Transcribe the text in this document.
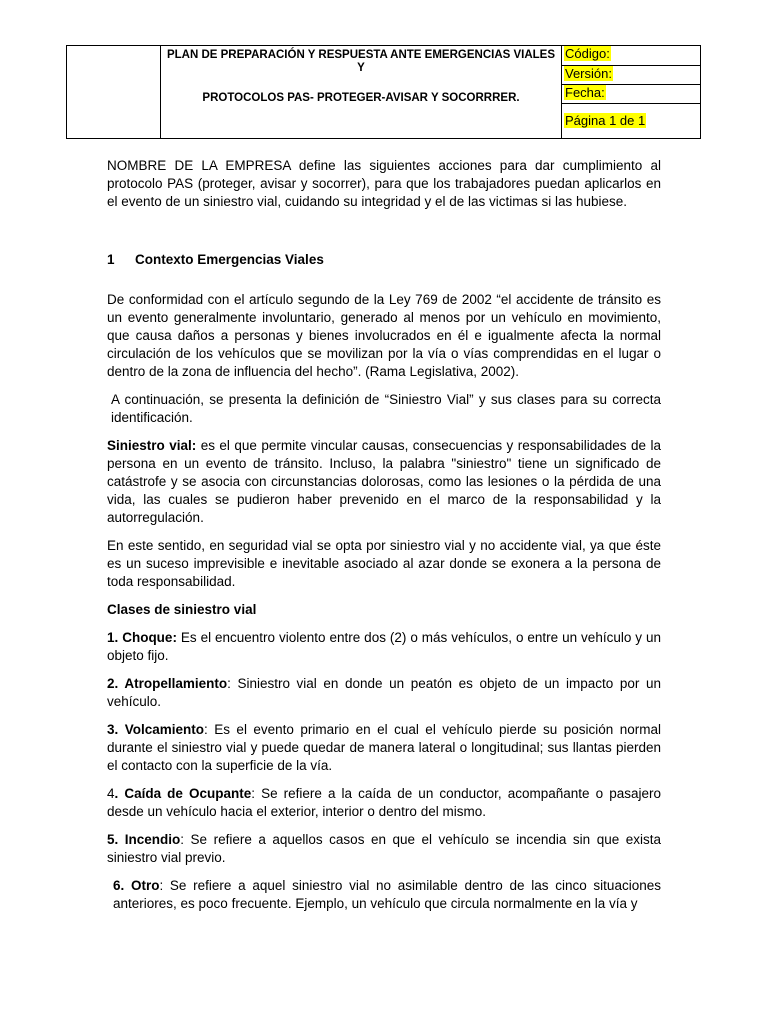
PLAN DE PREPARACIÓN Y RESPUESTA ANTE EMERGENCIAS VIALES
Y
PROTOCOLOS PAS- PROTEGER-AVISAR Y SOCORRRER.
	Código:
Versión:
Fecha:
Página 1 de 1

NOMBRE DE LA EMPRESA define las siguientes acciones para dar cumplimiento al protocolo PAS (proteger, avisar y socorrer), para que los trabajadores puedan aplicarlos en el evento de un siniestro vial, cuidando su integridad y el de las victimas si las hubiese.

1	Contexto Emergencias Viales

De conformidad con el artículo segundo de la Ley 769 de 2002 “el accidente de tránsito es un evento generalmente involuntario, generado al menos por un vehículo en movimiento, que causa daños a personas y bienes involucrados en él e igualmente afecta la normal circulación de los vehículos que se movilizan por la vía o vías comprendidas en el lugar o dentro de la zona de influencia del hecho”. (Rama Legislativa, 2002).

A continuación, se presenta la definición de “Siniestro Vial” y sus clases para su correcta identificación.

Siniestro vial: es el que permite vincular causas, consecuencias y responsabilidades de la persona en un evento de tránsito. Incluso, la palabra "siniestro" tiene un significado de catástrofe y se asocia con circunstancias dolorosas, como las lesiones o la pérdida de una vida, las cuales se pudieron haber prevenido en el marco de la responsabilidad y la autorregulación.

En este sentido, en seguridad vial se opta por siniestro vial y no accidente vial, ya que éste es un suceso imprevisible e inevitable asociado al azar donde se exonera a la persona de toda responsabilidad.

Clases de siniestro vial

1. Choque: Es el encuentro violento entre dos (2) o más vehículos, o entre un vehículo y un objeto fijo.

2. Atropellamiento: Siniestro vial en donde un peatón es objeto de un impacto por un vehículo.

3. Volcamiento: Es el evento primario en el cual el vehículo pierde su posición normal durante el siniestro vial y puede quedar de manera lateral o longitudinal; sus llantas pierden el contacto con la superficie de la vía.

4. Caída de Ocupante: Se refiere a la caída de un conductor, acompañante o pasajero desde un vehículo hacia el exterior, interior o dentro del mismo.

5. Incendio: Se refiere a aquellos casos en que el vehículo se incendia sin que exista siniestro vial previo.

6. Otro: Se refiere a aquel siniestro vial no asimilable dentro de las cinco situaciones anteriores, es poco frecuente. Ejemplo, un vehículo que circula normalmente en la vía y
